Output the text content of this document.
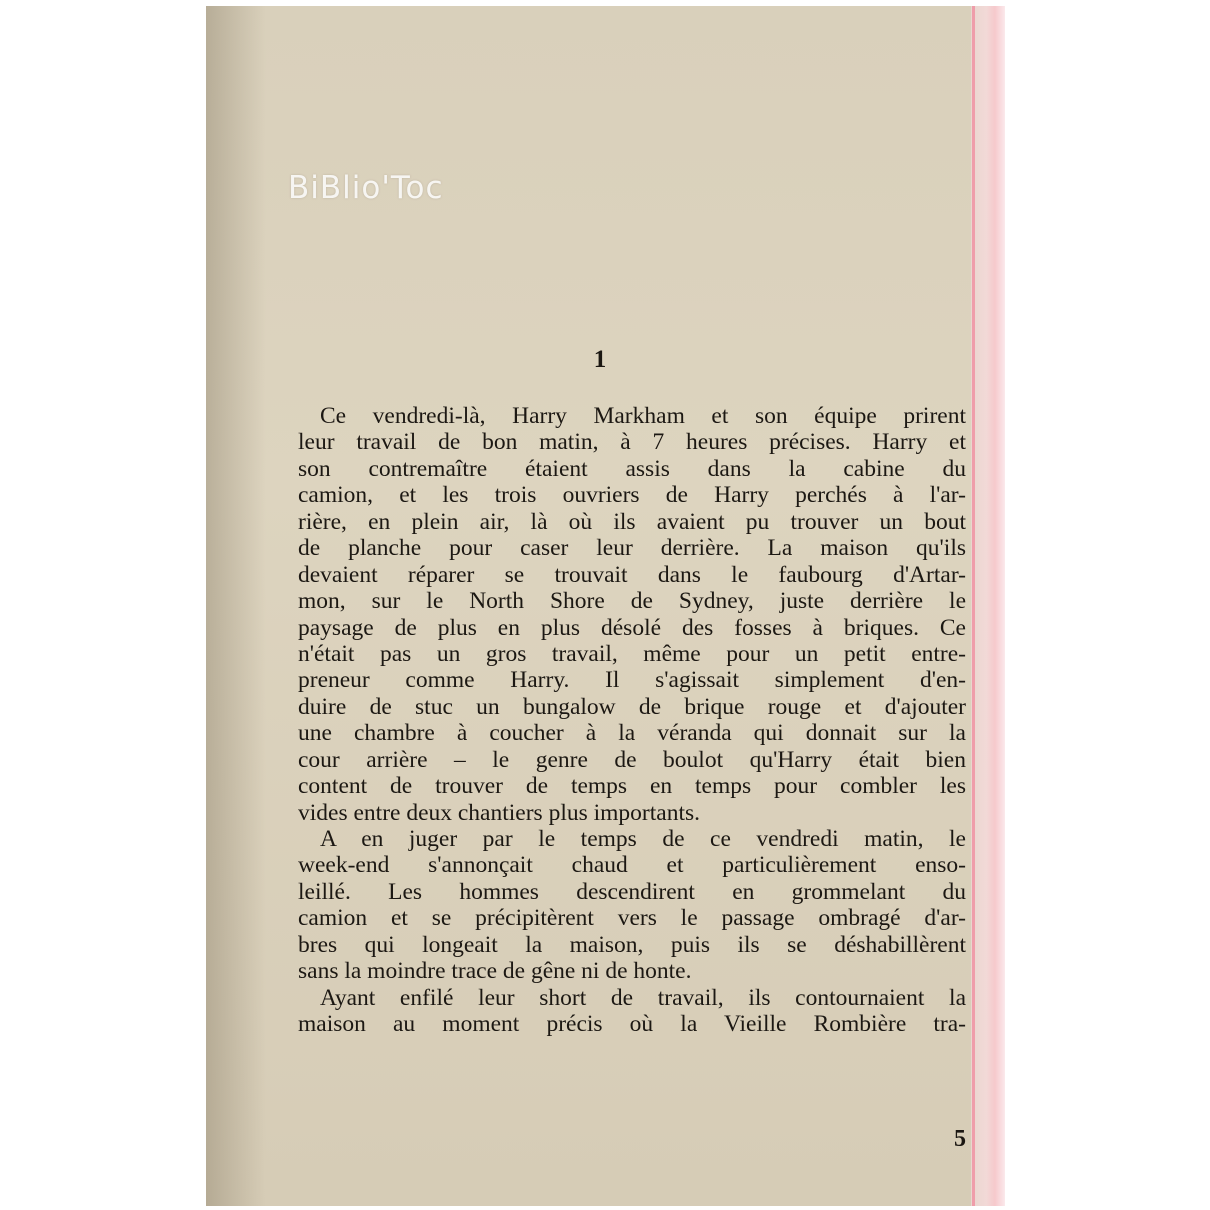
BiBlio'Toc
1
Ce vendredi-là, Harry Markham et son équipe prirent
leur travail de bon matin, à 7 heures précises. Harry et
son contremaître étaient assis dans la cabine du
camion, et les trois ouvriers de Harry perchés à l'ar-
rière, en plein air, là où ils avaient pu trouver un bout
de planche pour caser leur derrière. La maison qu'ils
devaient réparer se trouvait dans le faubourg d'Artar-
mon, sur le North Shore de Sydney, juste derrière le
paysage de plus en plus désolé des fosses à briques. Ce
n'était pas un gros travail, même pour un petit entre-
preneur comme Harry. Il s'agissait simplement d'en-
duire de stuc un bungalow de brique rouge et d'ajouter
une chambre à coucher à la véranda qui donnait sur la
cour arrière – le genre de boulot qu'Harry était bien
content de trouver de temps en temps pour combler les
vides entre deux chantiers plus importants.
A en juger par le temps de ce vendredi matin, le
week-end s'annonçait chaud et particulièrement enso-
leillé. Les hommes descendirent en grommelant du
camion et se précipitèrent vers le passage ombragé d'ar-
bres qui longeait la maison, puis ils se déshabillèrent
sans la moindre trace de gêne ni de honte.
Ayant enfilé leur short de travail, ils contournaient la
maison au moment précis où la Vieille Rombière tra-
5
